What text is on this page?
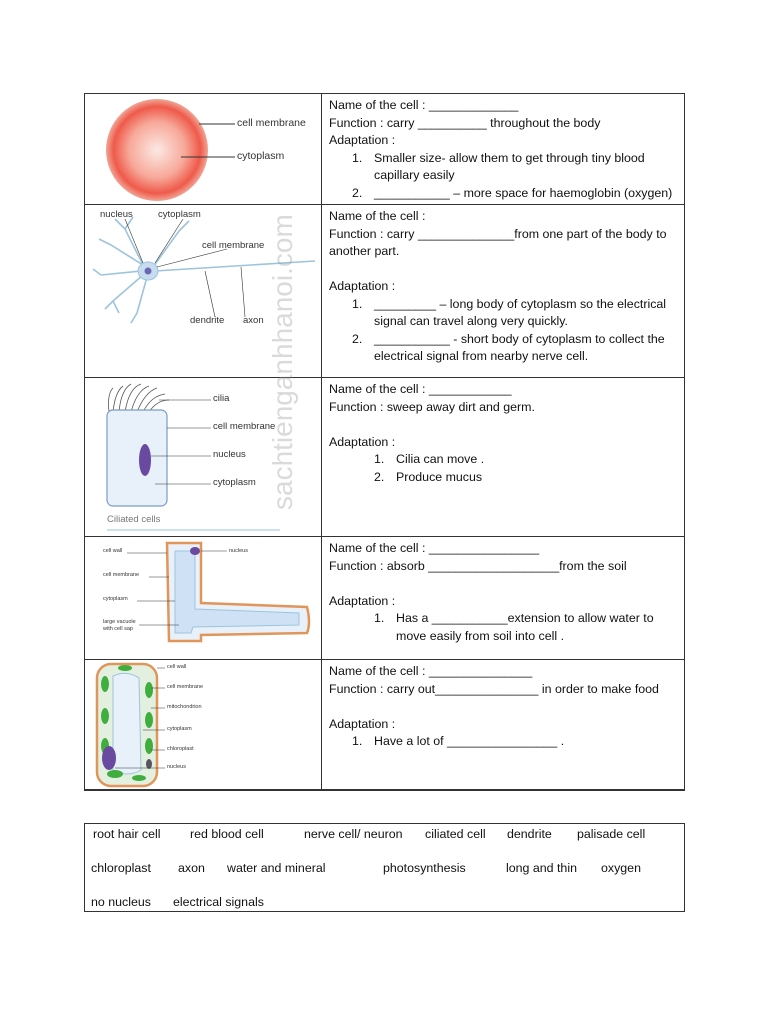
cell membrane
cytoplasm

Name of the cell : _____________

Function : carry __________ throughout the body

Adaptation :

1. Smaller size- allow them to get through tiny blood capillary easily
2. ___________ – more space for haemoglobin (oxygen)
nucleus	cytoplasm
cell membrane
dendrite axon

Name of the cell :

Function : carry ______________from one part of the body to another part.

Adaptation :

1. _________ – long body of cytoplasm so the electrical signal can travel along very quickly.
2. ___________ - short body of cytoplasm to collect the electrical signal from nearby nerve cell.
cilia
cell membrane
nucleus
cytoplasm
Ciliated cells

Name of the cell : ____________

Function : sweep away dirt and germ.

Adaptation :

1. Cilia can move .
2. Produce mucus
cell wall
cell membrane
cytoplasm
large vacuole
with cell sap
nucleus	Name of the cell : ________________

Function : absorb ___________________from the soil

Adaptation :

1. Has a ___________extension to allow water to move easily from soil into cell .
cell wall
cell membrane
mitochondrion
cytoplasm
chloroplast
nucleus

Name of the cell : _______________

Function : carry out_______________ in order to make food

Adaptation :

1. Have a lot of ________________ .
sachtienganhhanoi.com
root hair cell red blood cell	nerve cell/ neuron ciliated cell dendrite palisade cell
chloroplast axon water and mineral	photosynthesis	long and thin oxygen
no nucleus electrical signals
